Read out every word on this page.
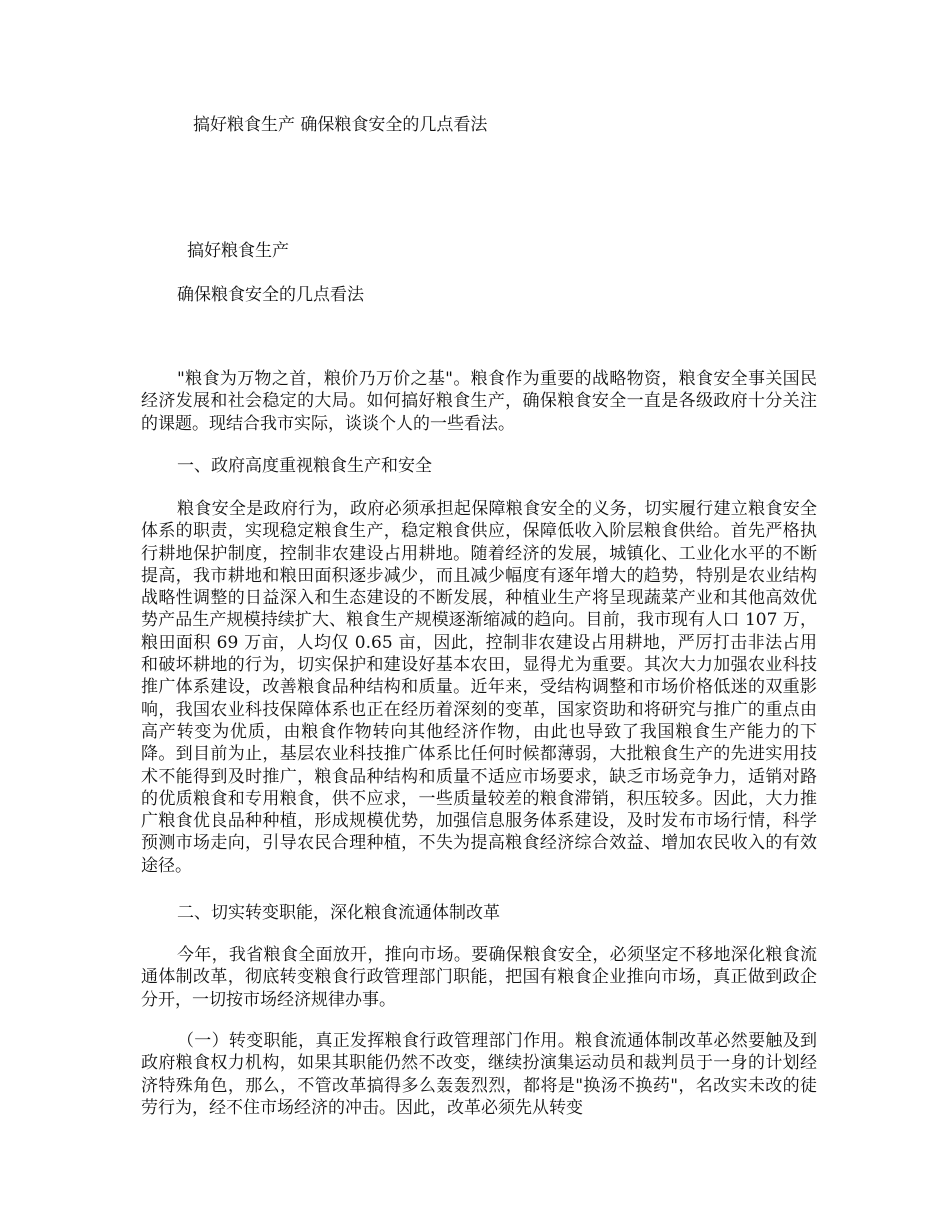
搞好粮食生产 确保粮食安全的几点看法
搞好粮食生产
确保粮食安全的几点看法

"粮食为万物之首，粮价乃万价之基"。粮食作为重要的战略物资，粮食安全事关国民经济发展和社会稳定的大局。如何搞好粮食生产，确保粮食安全一直是各级政府十分关注的课题。现结合我市实际，谈谈个人的一些看法。

一、政府高度重视粮食生产和安全

粮食安全是政府行为，政府必须承担起保障粮食安全的义务，切实履行建立粮食安全体系的职责，实现稳定粮食生产，稳定粮食供应，保障低收入阶层粮食供给。首先严格执行耕地保护制度，控制非农建设占用耕地。随着经济的发展，城镇化、工业化水平的不断提高，我市耕地和粮田面积逐步减少，而且减少幅度有逐年增大的趋势，特别是农业结构战略性调整的日益深入和生态建设的不断发展，种植业生产将呈现蔬菜产业和其他高效优势产品生产规模持续扩大、粮食生产规模逐渐缩减的趋向。目前，我市现有人口 107 万，粮田面积 69 万亩，人均仅 0.65 亩，因此，控制非农建设占用耕地，严厉打击非法占用和破坏耕地的行为，切实保护和建设好基本农田，显得尤为重要。其次大力加强农业科技推广体系建设，改善粮食品种结构和质量。近年来，受结构调整和市场价格低迷的双重影响，我国农业科技保障体系也正在经历着深刻的变革，国家资助和将研究与推广的重点由高产转变为优质，由粮食作物转向其他经济作物，由此也导致了我国粮食生产能力的下降。到目前为止，基层农业科技推广体系比任何时候都薄弱，大批粮食生产的先进实用技术不能得到及时推广，粮食品种结构和质量不适应市场要求，缺乏市场竞争力，适销对路的优质粮食和专用粮食，供不应求，一些质量较差的粮食滞销，积压较多。因此，大力推广粮食优良品种种植，形成规模优势，加强信息服务体系建设，及时发布市场行情，科学预测市场走向，引导农民合理种植，不失为提高粮食经济综合效益、增加农民收入的有效途径。

二、切实转变职能，深化粮食流通体制改革

今年，我省粮食全面放开，推向市场。要确保粮食安全，必须坚定不移地深化粮食流通体制改革，彻底转变粮食行政管理部门职能，把国有粮食企业推向市场，真正做到政企分开，一切按市场经济规律办事。

（一）转变职能，真正发挥粮食行政管理部门作用。粮食流通体制改革必然要触及到政府粮食权力机构，如果其职能仍然不改变，继续扮演集运动员和裁判员于一身的计划经济特殊角色，那么，不管改革搞得多么轰轰烈烈，都将是"换汤不换药"，名改实未改的徒劳行为，经不住市场经济的冲击。因此，改革必须先从转变
